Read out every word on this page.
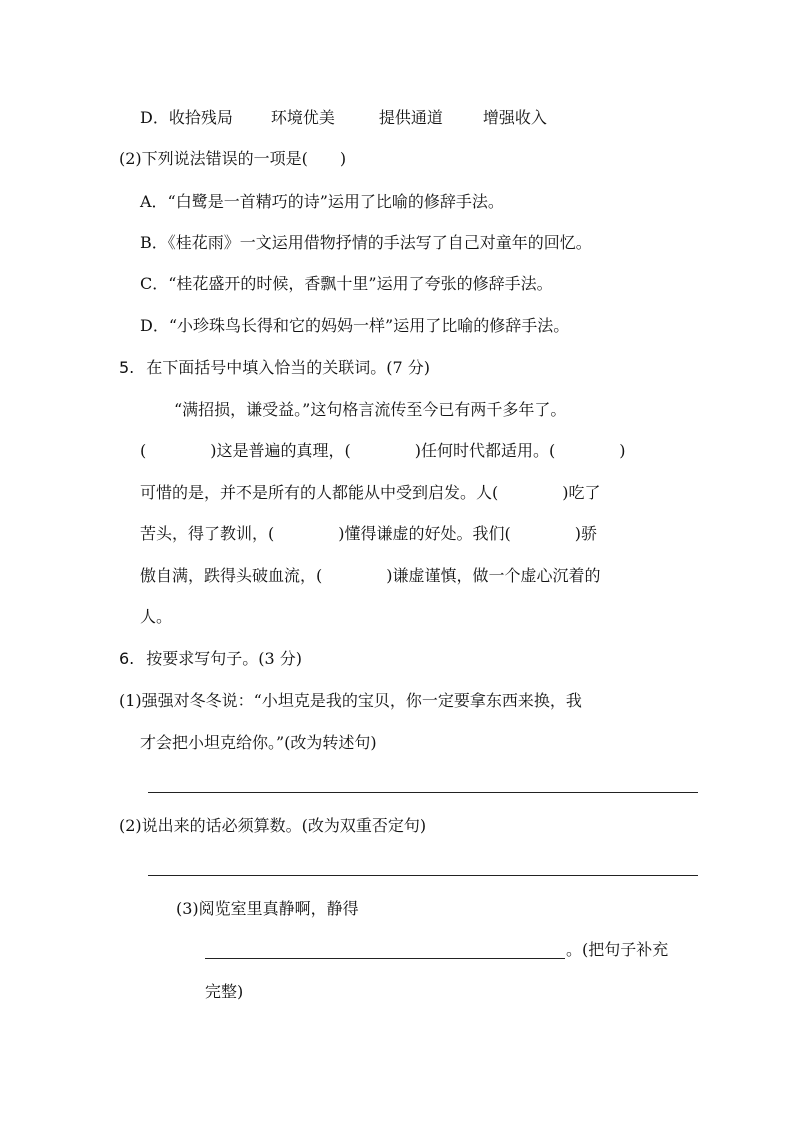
D．收拾残局 环境优美	提供通道	增强收入
(2)下列说法错误的一项是(　　)
A．“白鹭是一首精巧的诗”运用了比喻的修辞手法。
B．《桂花雨》一文运用借物抒情的手法写了自己对童年的回忆。
C．“桂花盛开的时候，香飘十里”运用了夸张的修辞手法。
D．“小珍珠鸟长得和它的妈妈一样”运用了比喻的修辞手法。
5. 在下面括号中填入恰当的关联词。(7 分)
“满招损，谦受益。”这句格言流传至今已有两千多年了。
(　　　　)这是普遍的真理，(　　　　)任何时代都适用。(　　　　)
可惜的是，并不是所有的人都能从中受到启发。人(　　　　)吃了
苦头，得了教训，(　　　　)懂得谦虚的好处。我们(　　　　)骄
傲自满，跌得头破血流，(　　　　)谦虚谨慎，做一个虚心沉着的
人。
6. 按要求写句子。(3 分)
(1)强强对冬冬说：“小坦克是我的宝贝，你一定要拿东西来换，我
才会把小坦克给你。”(改为转述句)
(2)说出来的话必须算数。(改为双重否定句)
(3)阅览室里真静啊，静得
。(把句子补充
完整)
